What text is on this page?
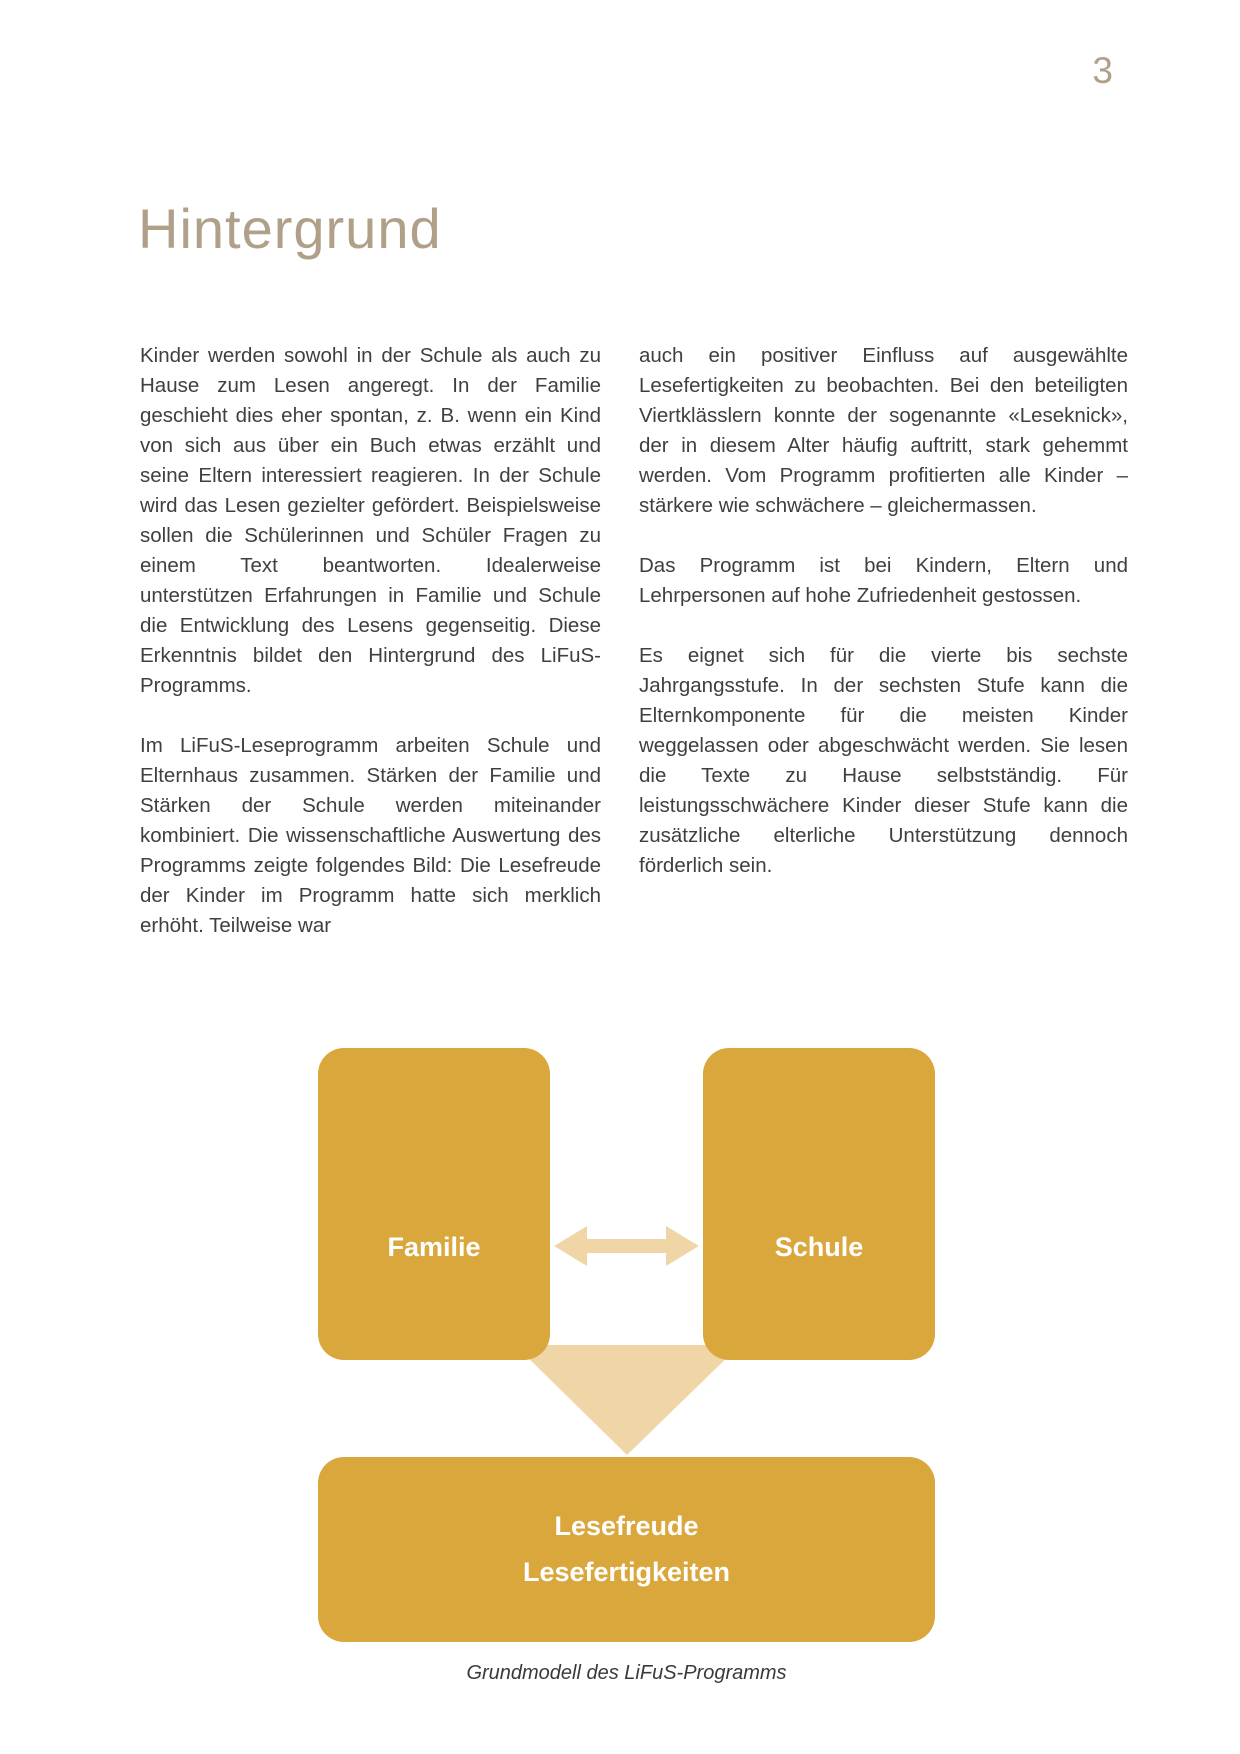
3
Hintergrund

Kinder werden sowohl in der Schule als auch zu Hause zum Lesen angeregt. In der Familie geschieht dies eher spontan, z. B. wenn ein Kind von sich aus über ein Buch etwas erzählt und seine Eltern interessiert reagieren. In der Schule wird das Lesen gezielter gefördert. Beispielsweise sollen die Schülerinnen und Schüler Fragen zu einem Text beantworten. Idealerweise unterstützen Erfahrungen in Familie und Schule die Entwicklung des Lesens gegenseitig. Diese Erkenntnis bildet den Hintergrund des LiFuS-Programms.

Im LiFuS-Leseprogramm arbeiten Schule und Elternhaus zusammen. Stärken der Familie und Stärken der Schule werden miteinander kombiniert. Die wissenschaftliche Auswertung des Programms zeigte folgendes Bild: Die Lesefreude der Kinder im Programm hatte sich merklich erhöht. Teilweise war

auch ein positiver Einfluss auf ausgewählte Lesefertigkeiten zu beobachten. Bei den beteiligten Viertklässlern konnte der sogenannte «Leseknick», der in diesem Alter häufig auftritt, stark gehemmt werden. Vom Programm profitierten alle Kinder – stärkere wie schwächere – gleichermassen.

Das Programm ist bei Kindern, Eltern und Lehrpersonen auf hohe Zufriedenheit gestossen.

Es eignet sich für die vierte bis sechste Jahrgangsstufe. In der sechsten Stufe kann die Elternkomponente für die meisten Kinder weggelassen oder abgeschwächt werden. Sie lesen die Texte zu Hause selbstständig. Für leistungsschwächere Kinder dieser Stufe kann die zusätzliche elterliche Unterstützung dennoch förderlich sein.

Familie	Schule
Lesefreude
Lesefertigkeiten
Grundmodell des LiFuS-Programms
